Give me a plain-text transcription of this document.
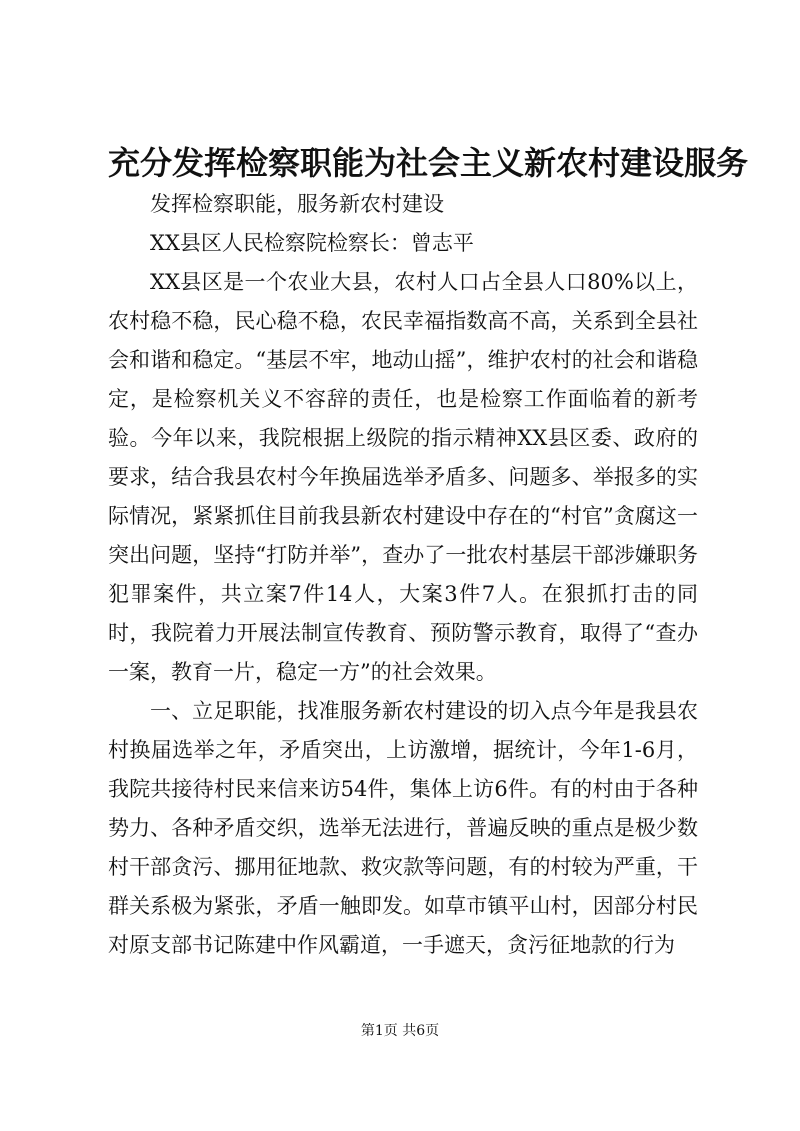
充分发挥检察职能为社会主义新农村建设服务

发挥检察职能，服务新农村建设

XX县区人民检察院检察长：曾志平

XX县区是一个农业大县，农村人口占全县人口80%以上，农村稳不稳，民心稳不稳，农民幸福指数高不高，关系到全县社会和谐和稳定。“基层不牢，地动山摇”，维护农村的社会和谐稳定，是检察机关义不容辞的责任，也是检察工作面临着的新考验。今年以来，我院根据上级院的指示精神XX县区委、政府的要求，结合我县农村今年换届选举矛盾多、问题多、举报多的实际情况，紧紧抓住目前我县新农村建设中存在的“村官”贪腐这一突出问题，坚持“打防并举”，查办了一批农村基层干部涉嫌职务犯罪案件，共立案7件14人，大案3件7人。在狠抓打击的同时，我院着力开展法制宣传教育、预防警示教育，取得了“查办一案，教育一片，稳定一方”的社会效果。

一、立足职能，找准服务新农村建设的切入点今年是我县农村换届选举之年，矛盾突出，上访激增，据统计，今年1-6月，我院共接待村民来信来访54件，集体上访6件。有的村由于各种势力、各种矛盾交织，选举无法进行，普遍反映的重点是极少数村干部贪污、挪用征地款、救灾款等问题，有的村较为严重，干群关系极为紧张，矛盾一触即发。如草市镇平山村，因部分村民对原支部书记陈建中作风霸道，一手遮天，贪污征地款的行为

第1页 共6页
